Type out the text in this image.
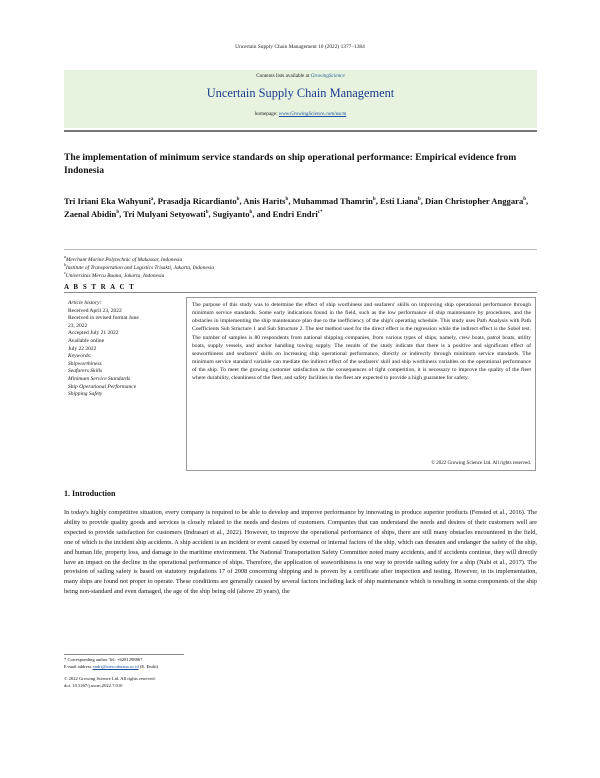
Uncertain Supply Chain Management 10 (2022) 1377–1384
Contents lists available at GrowingScience
Uncertain Supply Chain Management
homepage: www.GrowingScience.com/uscm
The implementation of minimum service standards on ship operational performance: Empirical evidence from Indonesia
Tri Iriani Eka Wahyuni$^a$, Prasadja Ricardianto$^b$, Anis Harits$^b$, Muhammad Thamrin$^b$, Esti Liana$^b$, Dian Christopher Anggara$^b$, Zaenal Abidin$^b$, Tri Mulyani Setyowati$^b$, Sugiyanto$^b$, and Endri Endri$^{c*}$
$^a$Merchant Marine Polytechnic of Makassar, Indonesia
$^b$Institute of Transportation and Logistics Trisakti, Jakarta, Indonesia
$^c$Universitas Mercu Buana, Jakarta, Indonesia
A B S T R A C T
Article history:
Received April 23, 2022
Received in revised format June
23, 2022
Accepted July 21 2022
Available online
July 22 2022
Keywords:
Shipworthiness
Seafarers Skills
Minimum Service Standards
Ship Operational Performance
Shipping Safety
The purpose of this study was to determine the effect of ship worthiness and seafarers' skills on improving ship operational performance through minimum service standards. Some early indications found in the field, such as the low performance of ship maintenance by procedures, and the obstacles in implementing the ship maintenance plan due to the inefficiency of the ship's operating schedule. This study uses Path Analysis with Path Coefficients Sub Structure 1 and Sub Structure 2. The test method used for the direct effect is the regression while the indirect effect is the Sobel test. The number of samples is 80 respondents from national shipping companies, from various types of ships, namely, crew boats, patrol boats, utility boats, supply vessels, and anchor handling towing supply. The results of the study indicate that there is a positive and significant effect of seaworthiness and seafarers' skills on increasing ship operational performance, directly or indirectly through minimum service standards. The minimum service standard variable can mediate the indirect effect of the seafarers' skill and ship worthiness variables on the operational performance of the ship. To meet the growing customer satisfaction as the consequences of tight competition, it is necessary to improve the quality of the fleet where durability, cleanliness of the fleet, and safety facilities in the fleet are expected to provide a high guarantee for safety.
© 2022 Growing Science Ltd. All rights reserved.
1. Introduction
In today's highly competitive situation, every company is required to be able to develop and improve performance by innovating to produce superior products (Fensted et al., 2016). The ability to provide quality goods and services is closely related to the needs and desires of customers. Companies that can understand the needs and desires of their customers well are expected to provide satisfaction for customers (Indrasari et al., 2022). However, to improve the operational performance of ships, there are still many obstacles encountered in the field, one of which is the incident ship accidents. A ship accident is an incident or event caused by external or internal factors of the ship, which can threaten and endanger the safety of the ship, and human life, property loss, and damage to the maritime environment. The National Transportation Safety Committee noted many accidents, and if accidents continue, they will directly have an impact on the decline in the operational performance of ships. Therefore, the application of seaworthiness is one way to provide sailing safety for a ship (Nabi et al., 2017). The provision of sailing safety is based on statutory regulations 17 of 2008 concerning shipping and is proven by a certificate after inspection and testing. However, in its implementation, many ships are found not proper to operate. These conditions are generally caused by several factors including lack of ship maintenance which is resulting in some components of the ship being non-standard and even damaged, the age of the ship being old (above 20 years), the
* Corresponding author Tel: +6281298867
E-mail address endri@mercubuana.ac.id (E. Endri)
© 2022 Growing Science Ltd. All rights reserved.
doi: 10.5267/j.uscm.2022.7.010
